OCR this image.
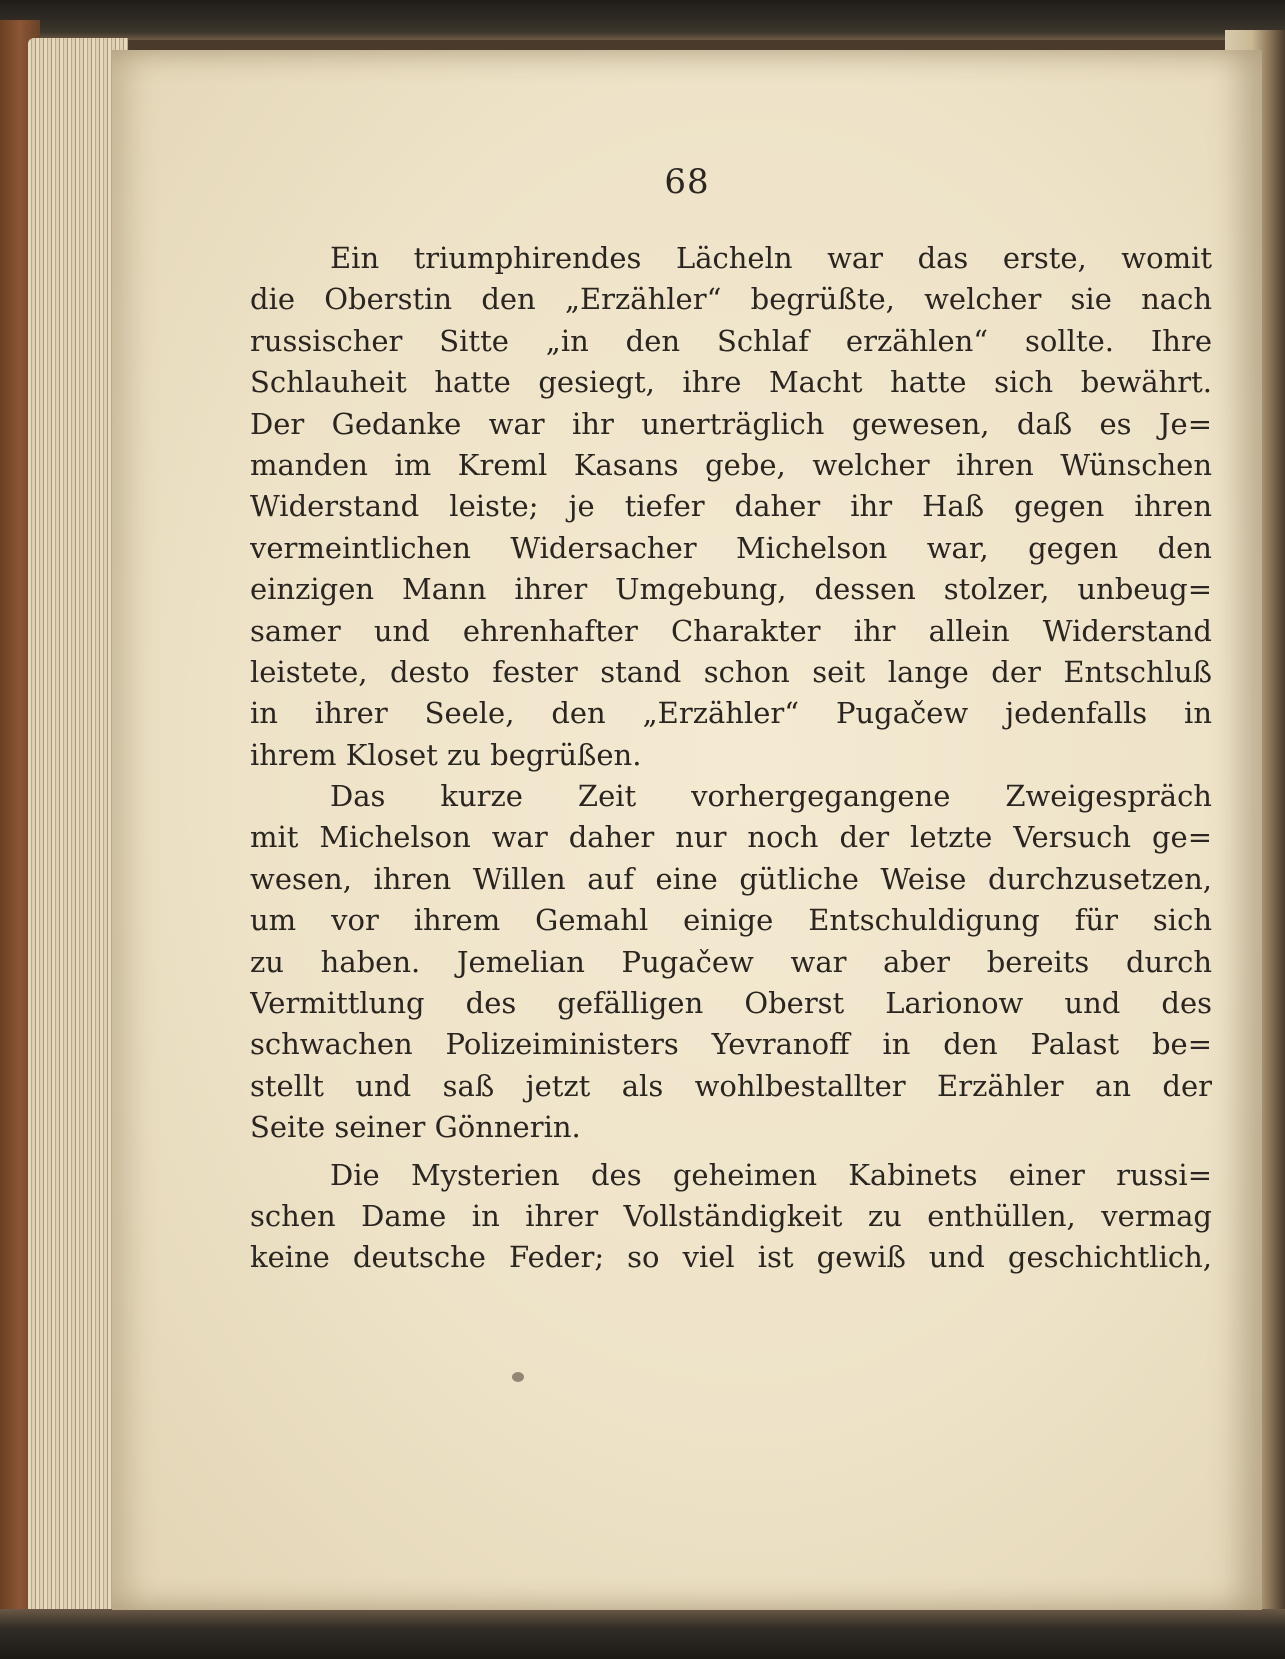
68
Ein triumphirendes Lächeln war das erste, womit
die Oberstin den „Erzähler“ begrüßte, welcher sie nach
russischer Sitte „in den Schlaf erzählen“ sollte. Ihre
Schlauheit hatte gesiegt, ihre Macht hatte sich bewährt.
Der Gedanke war ihr unerträglich gewesen, daß es Je=
manden im Kreml Kasans gebe, welcher ihren Wünschen
Widerstand leiste; je tiefer daher ihr Haß gegen ihren
vermeintlichen Widersacher Michelson war, gegen den
einzigen Mann ihrer Umgebung, dessen stolzer, unbeug=
samer und ehrenhafter Charakter ihr allein Widerstand
leistete, desto fester stand schon seit lange der Entschluß
in ihrer Seele, den „Erzähler“ Pugačew jedenfalls in
ihrem Kloset zu begrüßen.
Das kurze Zeit vorhergegangene Zweigespräch
mit Michelson war daher nur noch der letzte Versuch ge=
wesen, ihren Willen auf eine gütliche Weise durchzusetzen,
um vor ihrem Gemahl einige Entschuldigung für sich
zu haben. Jemelian Pugačew war aber bereits durch
Vermittlung des gefälligen Oberst Larionow und des
schwachen Polizeiministers Yevranoff in den Palast be=
stellt und saß jetzt als wohlbestallter Erzähler an der
Seite seiner Gönnerin.
Die Mysterien des geheimen Kabinets einer russi=
schen Dame in ihrer Vollständigkeit zu enthüllen, vermag
keine deutsche Feder; so viel ist gewiß und geschichtlich,
